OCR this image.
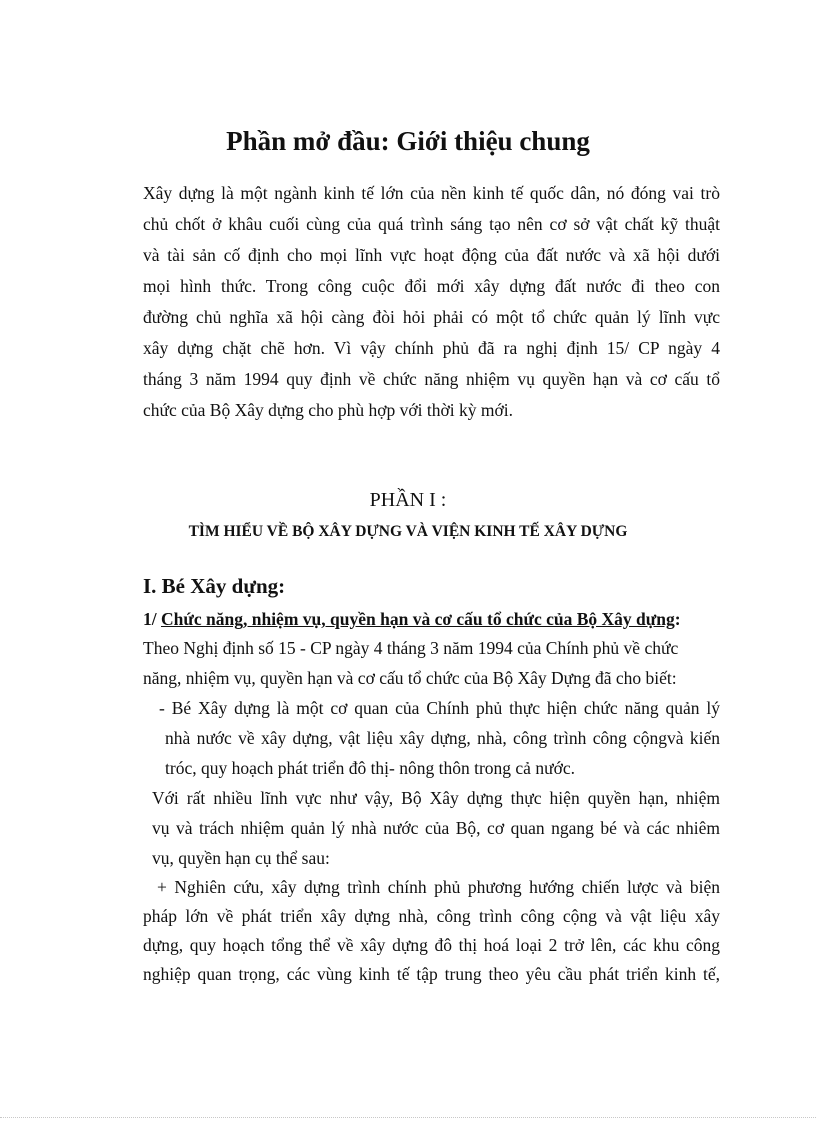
Phần mở đầu: Giới thiệu chung
Xây dựng là một ngành kinh tế lớn của nền kinh tế quốc dân, nó đóng vai trò
chủ chốt ở khâu cuối cùng của quá trình sáng tạo nên cơ sở vật chất kỹ thuật
và tài sản cố định cho mọi lĩnh vực hoạt động của đất nước và xã hội dưới
mọi hình thức. Trong công cuộc đổi mới xây dựng đất nước đi theo con
đường chủ nghĩa xã hội càng đòi hỏi phải có một tổ chức quản lý lĩnh vực
xây dựng chặt chẽ hơn. Vì vậy chính phủ đã ra nghị định 15/ CP ngày 4
tháng 3 năm 1994 quy định về chức năng nhiệm vụ quyền hạn và cơ cấu tổ
chức của Bộ Xây dựng cho phù hợp với thời kỳ mới.
PHẦN I :
TÌM HIỂU VỀ BỘ XÂY DỰNG VÀ VIỆN KINH TẾ XÂY DỰNG
I. Bé Xây dựng:
1/ Chức năng, nhiệm vụ, quyền hạn và cơ cấu tổ chức của Bộ Xây dựng:
Theo Nghị định số 15 - CP ngày 4 tháng 3 năm 1994 của Chính phủ về chức
năng, nhiệm vụ, quyền hạn và cơ cấu tổ chức của Bộ Xây Dựng đã cho biết:
- Bé Xây dựng là một cơ quan của Chính phủ thực hiện chức năng quản lý
nhà nước về xây dựng, vật liệu xây dựng, nhà, công trình công cộngvà kiến
tróc, quy hoạch phát triển đô thị- nông thôn trong cả nước.
Với rất nhiều lĩnh vực như vậy, Bộ Xây dựng thực hiện quyền hạn, nhiệm
vụ và trách nhiệm quản lý nhà nước của Bộ, cơ quan ngang bé và các nhiêm
vụ, quyền hạn cụ thể sau:
+ Nghiên cứu, xây dựng trình chính phủ phương hướng chiến lược và biện
pháp lớn về phát triển xây dựng nhà, công trình công cộng và vật liệu xây
dựng, quy hoạch tổng thể về xây dựng đô thị hoá loại 2 trở lên, các khu công
nghiệp quan trọng, các vùng kinh tế tập trung theo yêu cầu phát triển kinh tế,
